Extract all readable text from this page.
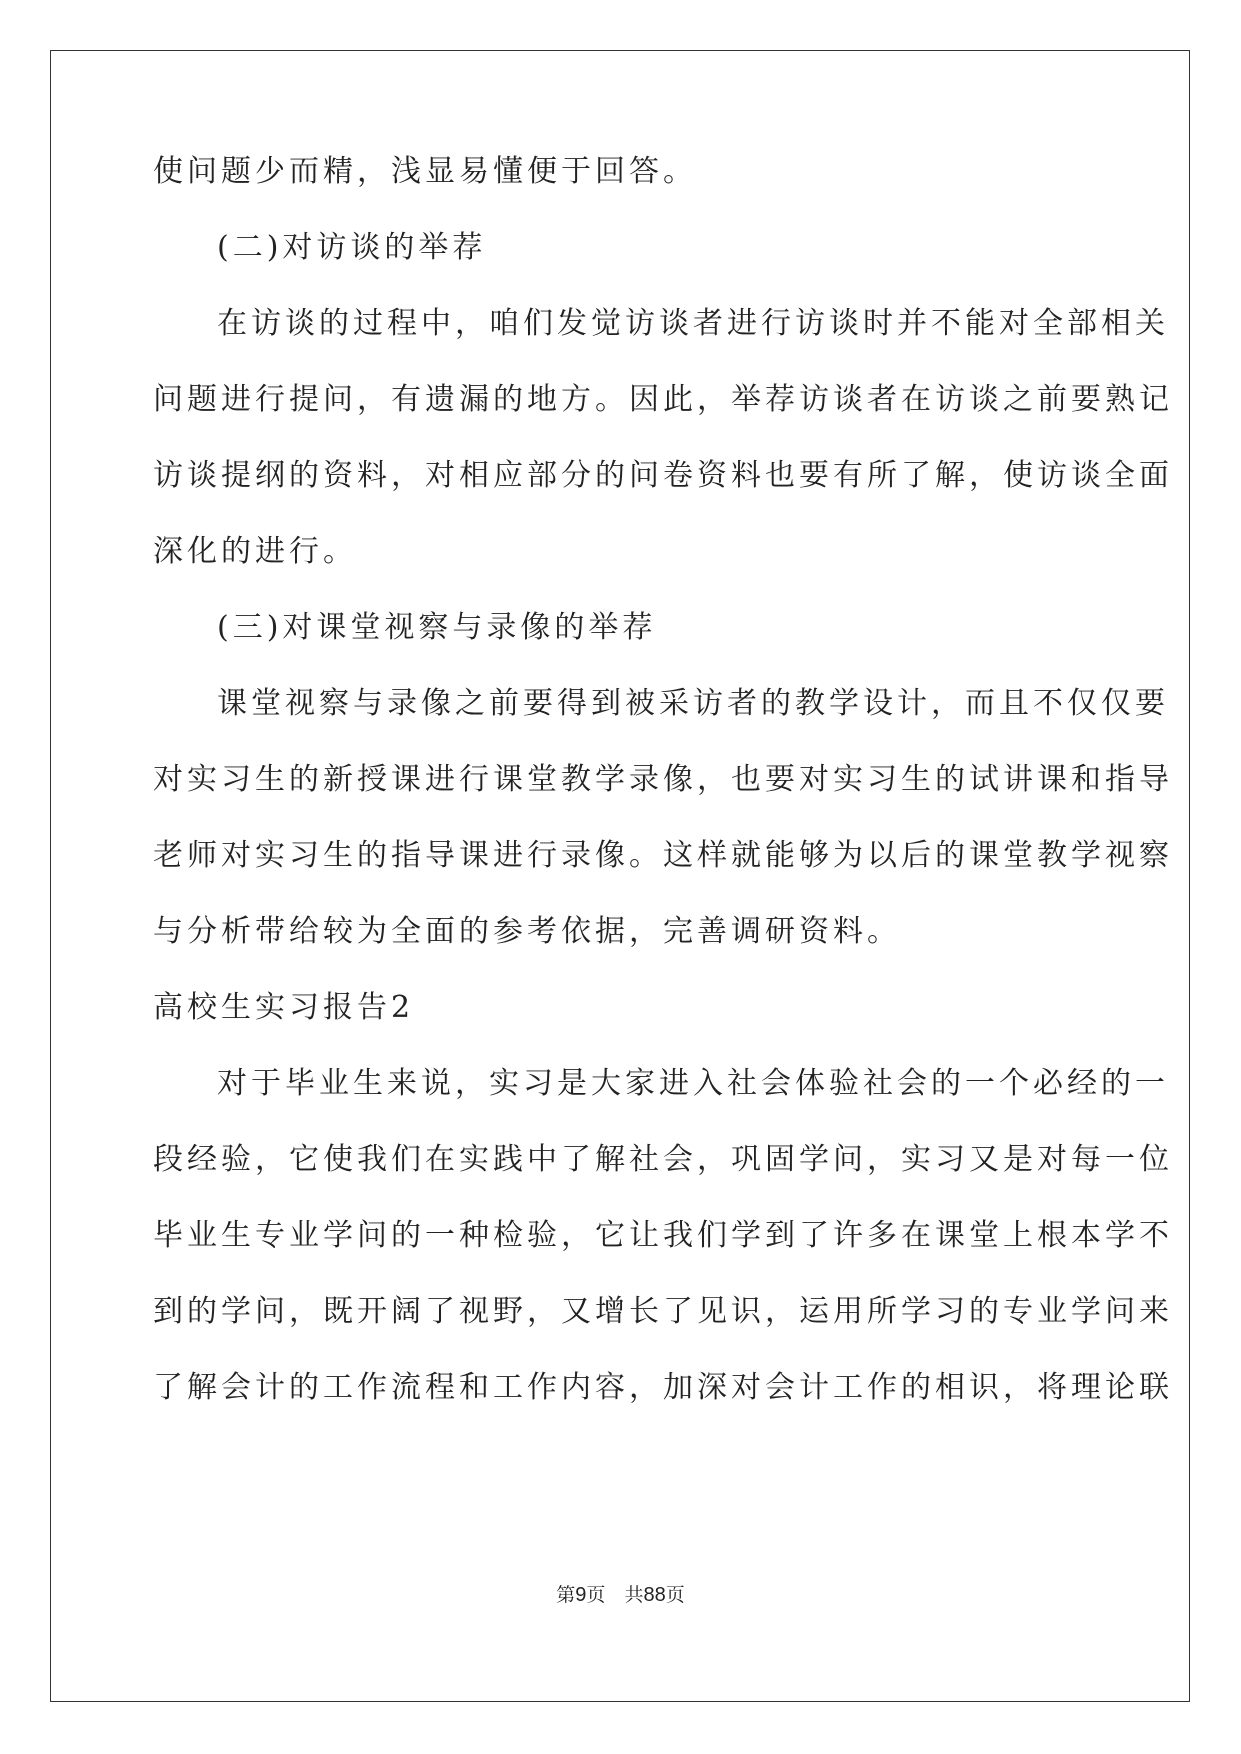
使问题少而精，浅显易懂便于回答。
(二)对访谈的举荐
在访谈的过程中，咱们发觉访谈者进行访谈时并不能对全部相关
问题进行提问，有遗漏的地方。因此，举荐访谈者在访谈之前要熟记
访谈提纲的资料，对相应部分的问卷资料也要有所了解，使访谈全面
深化的进行。
(三)对课堂视察与录像的举荐
课堂视察与录像之前要得到被采访者的教学设计，而且不仅仅要
对实习生的新授课进行课堂教学录像，也要对实习生的试讲课和指导
老师对实习生的指导课进行录像。这样就能够为以后的课堂教学视察
与分析带给较为全面的参考依据，完善调研资料。
高校生实习报告2
对于毕业生来说，实习是大家进入社会体验社会的一个必经的一
段经验，它使我们在实践中了解社会，巩固学问，实习又是对每一位
毕业生专业学问的一种检验，它让我们学到了许多在课堂上根本学不
到的学问，既开阔了视野，又增长了见识，运用所学习的专业学问来
了解会计的工作流程和工作内容，加深对会计工作的相识，将理论联
第9页 共88页
